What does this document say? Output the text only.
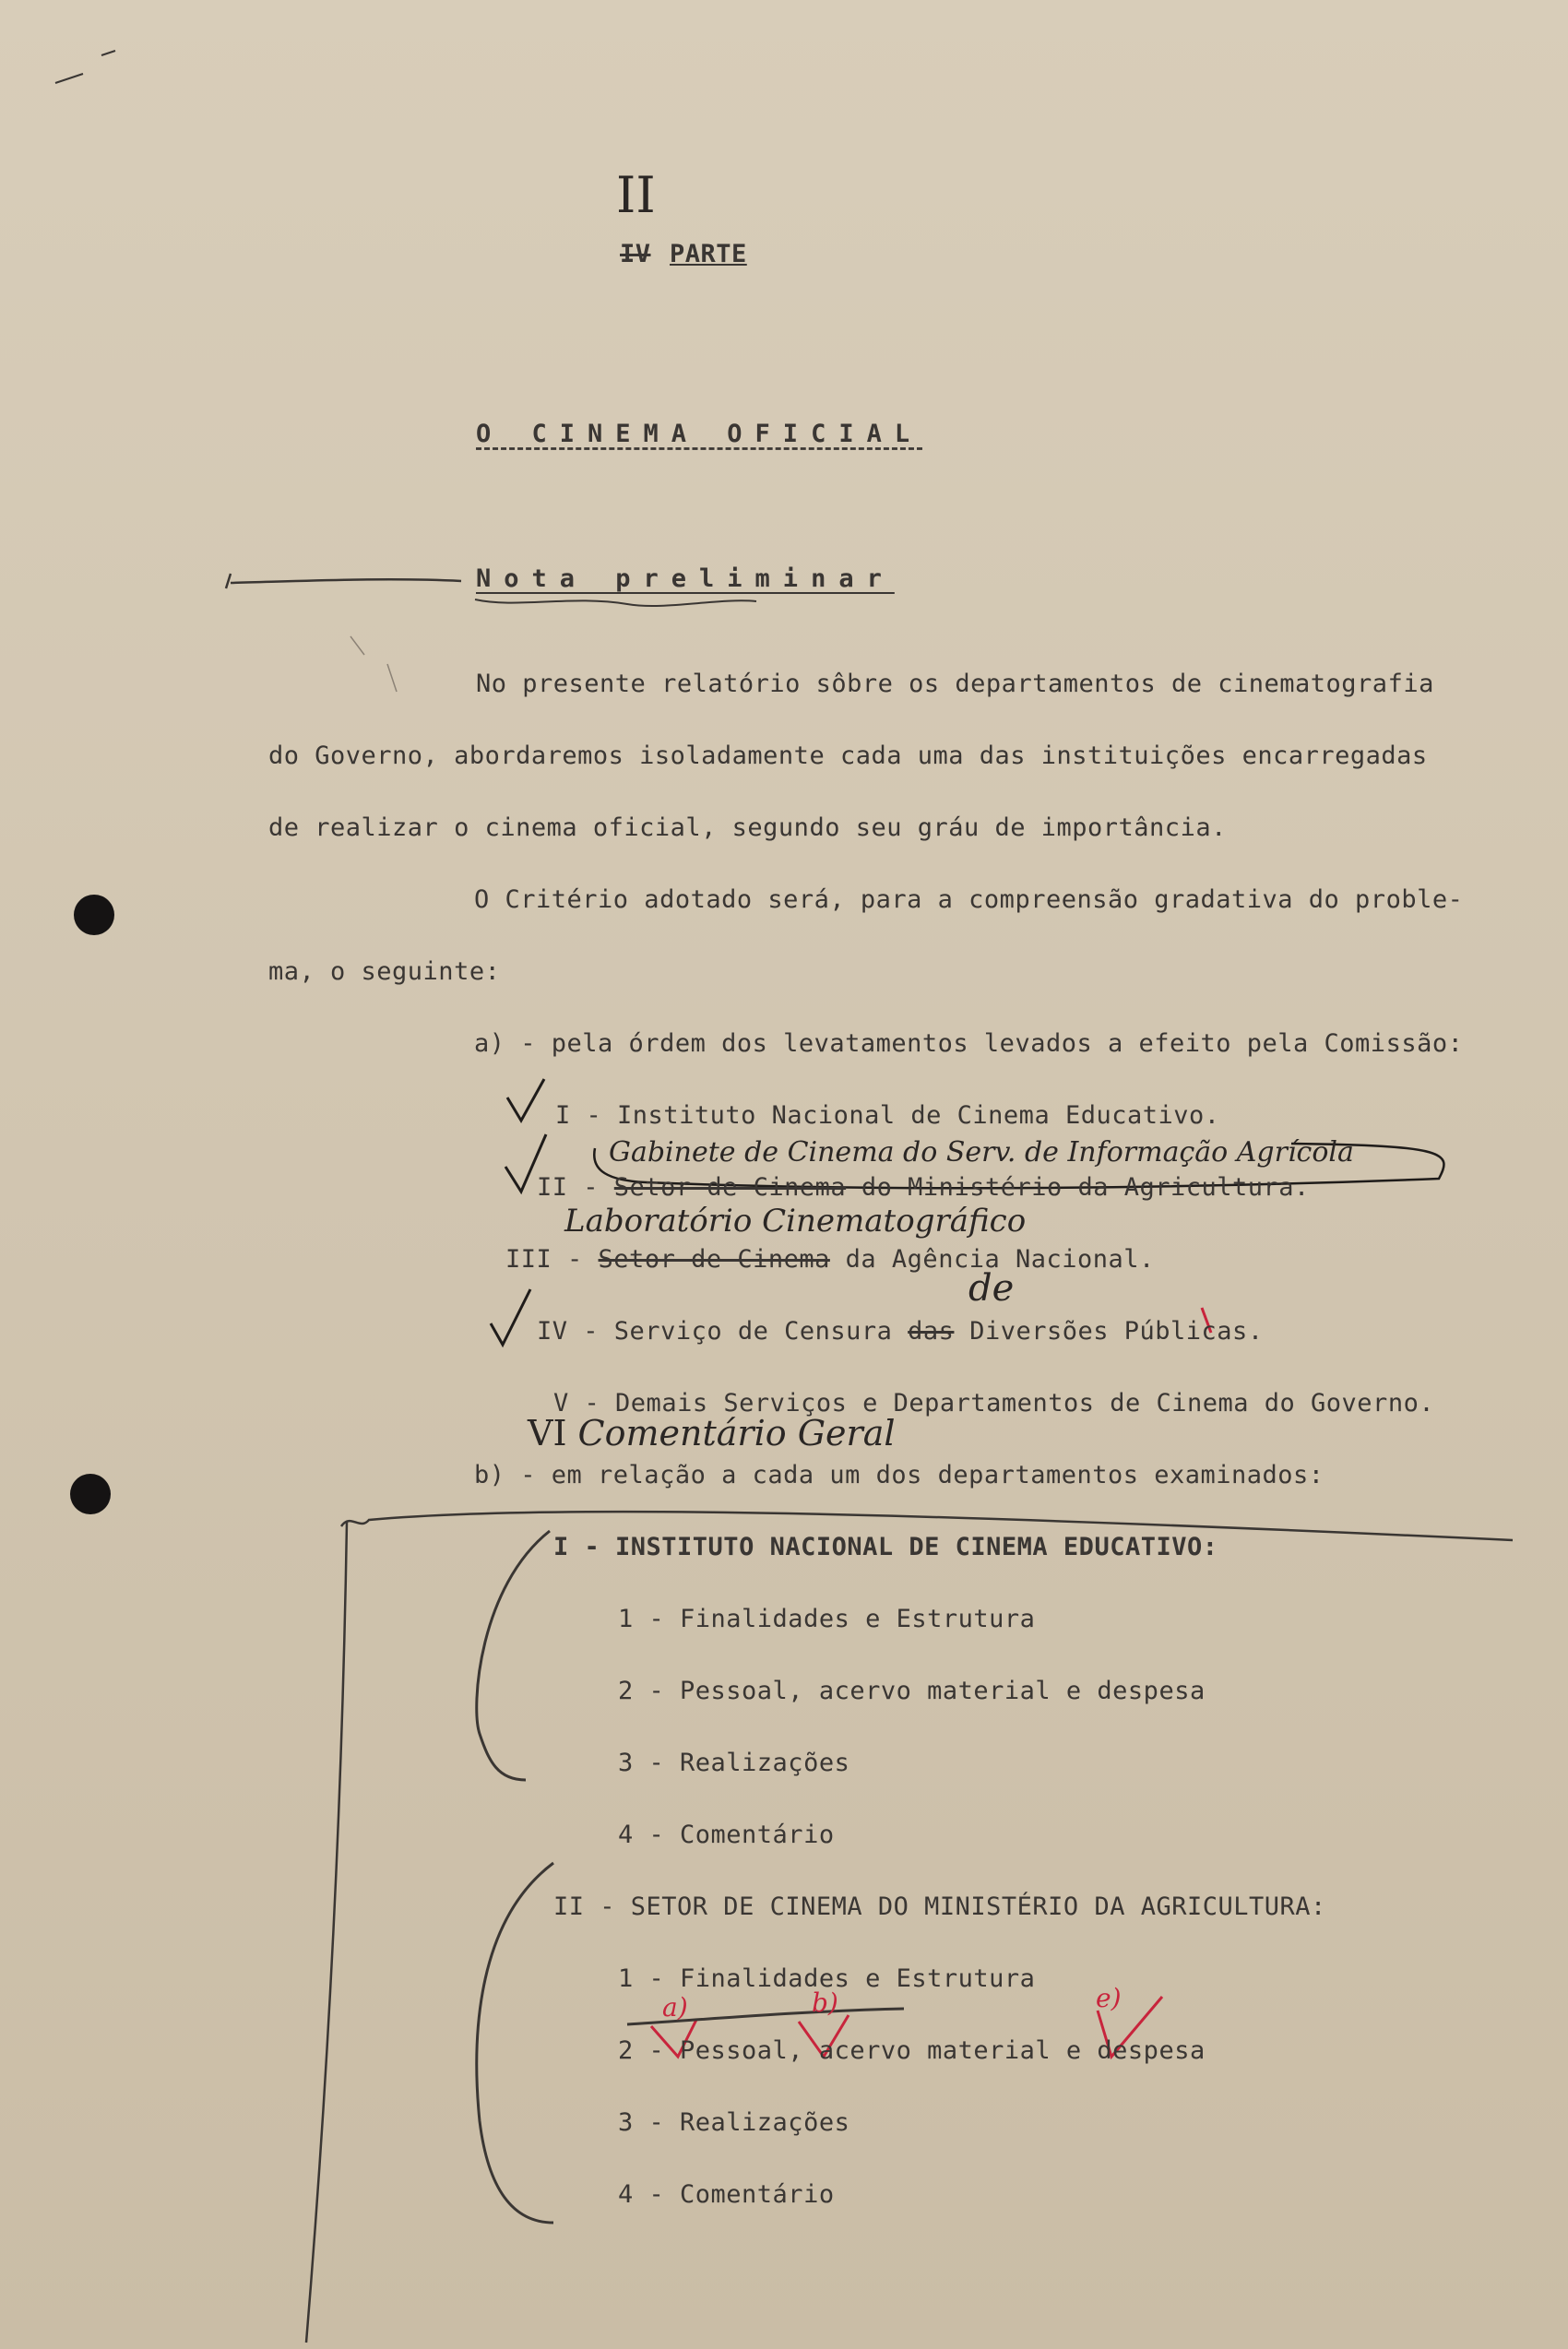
II
IV PARTE
O CINEMA OFICIAL
Nota preliminar
No presente relatório sôbre os departamentos de cinematografia
do Governo, abordaremos isoladamente cada uma das instituições encarregadas
de realizar o cinema oficial, segundo seu gráu de importância.
O Critério adotado será, para a compreensão gradativa do proble-
ma, o seguinte:
a) - pela órdem dos levatamentos levados a efeito pela Comissão:
I - Instituto Nacional de Cinema Educativo.
Gabinete de Cinema do Serv. de Informação Agrícola
II - Setor de Cinema do Ministério da Agricultura.
Laboratório Cinematográfico
III - Setor de Cinema da Agência Nacional.
de
IV - Serviço de Censura das Diversões Públicas.
V - Demais Serviços e Departamentos de Cinema do Governo.
VI Comentário Geral
b) - em relação a cada um dos departamentos examinados:
I - INSTITUTO NACIONAL DE CINEMA EDUCATIVO:
1 - Finalidades e Estrutura
2 - Pessoal, acervo material e despesa
3 - Realizações
4 - Comentário
II - SETOR DE CINEMA DO MINISTÉRIO DA AGRICULTURA:
1 - Finalidades e Estrutura
a)	b)	e)
2 - Pessoal, acervo material e despesa
3 - Realizações
4 - Comentário
